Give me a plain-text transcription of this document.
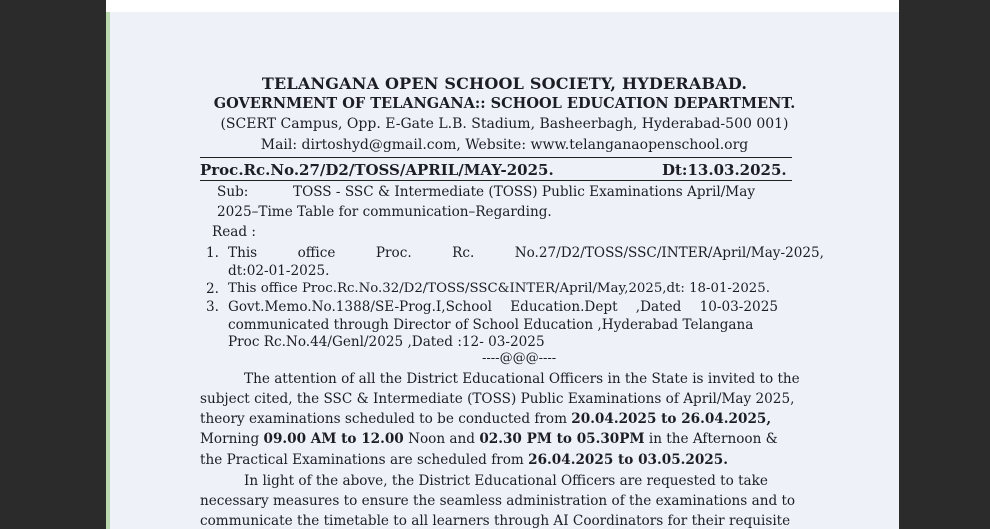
TELANGANA OPEN SCHOOL SOCIETY, HYDERABAD.
GOVERNMENT OF TELANGANA:: SCHOOL EDUCATION DEPARTMENT.
(SCERT Campus, Opp. E-Gate L.B. Stadium, Basheerbagh, Hyderabad-500 001)
Mail: dirtoshyd@gmail.com, Website: www.telanganaopenschool.org
Proc.Rc.No.27/D2/TOSS/APRIL/MAY-2025.	Dt:13.03.2025.
Sub:	TOSS - SSC & Intermediate (TOSS) Public Examinations April/May
2025–Time Table for communication–Regarding.
Read :
1. This	office	Proc.	Rc.	No.27/D2/TOSS/SSC/INTER/April/May-2025,
dt:02-01-2025.
2. This office Proc.Rc.No.32/D2/TOSS/SSC&INTER/April/May,2025,dt: 18-01-2025.
3. Govt.Memo.No.1388/SE-Prog.I,School Education.Dept ,Dated 10-03-2025
communicated through Director of School Education ,Hyderabad Telangana
Proc Rc.No.44/Genl/2025 ,Dated :12- 03-2025
----@@@----
The attention of all the District Educational Officers in the State is invited to the
subject cited, the SSC & Intermediate (TOSS) Public Examinations of April/May 2025,
theory examinations scheduled to be conducted from 20.04.2025 to 26.04.2025,
Morning 09.00 AM to 12.00 Noon and 02.30 PM to 05.30PM in the Afternoon &
the Practical Examinations are scheduled from 26.04.2025 to 03.05.2025.
In light of the above, the District Educational Officers are requested to take
necessary measures to ensure the seamless administration of the examinations and to
communicate the timetable to all learners through AI Coordinators for their requisite
